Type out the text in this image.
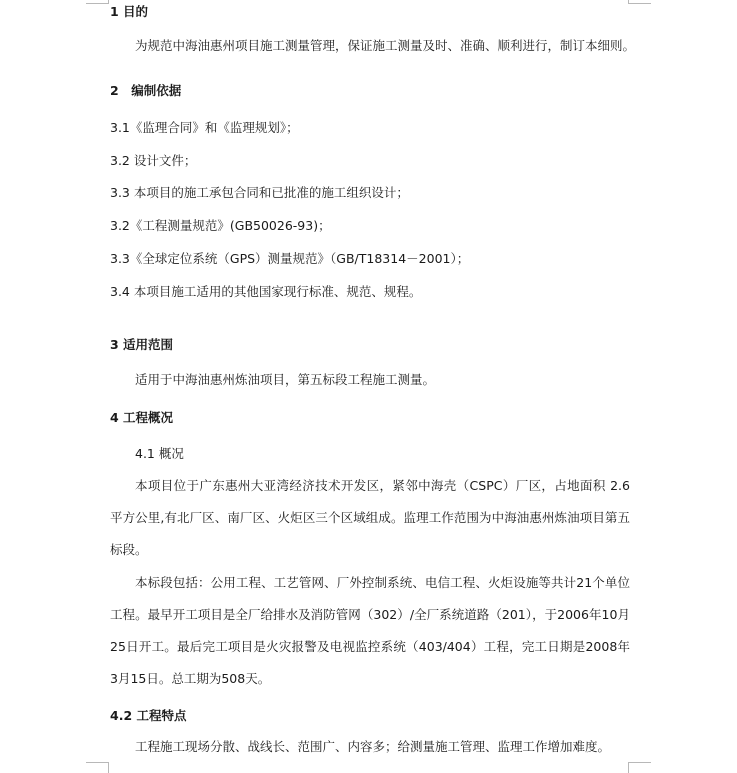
1 目的
为规范中海油惠州项目施工测量管理，保证施工测量及时、准确、顺利进行，制订本细则。
2　编制依据
3.1《监理合同》和《监理规划》；
3.2 设计文件；
3.3 本项目的施工承包合同和已批准的施工组织设计；
3.2《工程测量规范》(GB50026-93)；
3.3《全球定位系统（GPS）测量规范》（GB/T18314－2001）；
3.4 本项目施工适用的其他国家现行标准、规范、规程。
3 适用范围
适用于中海油惠州炼油项目，第五标段工程施工测量。
4 工程概况
4.1 概况
本项目位于广东惠州大亚湾经济技术开发区，紧邻中海壳（CSPC）厂区，占地面积 2.6 平方公里,有北厂区、南厂区、火炬区三个区域组成。监理工作范围为中海油惠州炼油项目第五标段。
本标段包括：公用工程、工艺管网、厂外控制系统、电信工程、火炬设施等共计21个单位工程。最早开工项目是全厂给排水及消防管网（302）/全厂系统道路（201），于2006年10月25日开工。最后完工项目是火灾报警及电视监控系统（403/404）工程，完工日期是2008年3月15日。总工期为508天。
4.2 工程特点
工程施工现场分散、战线长、范围广、内容多；给测量施工管理、监理工作增加难度。
